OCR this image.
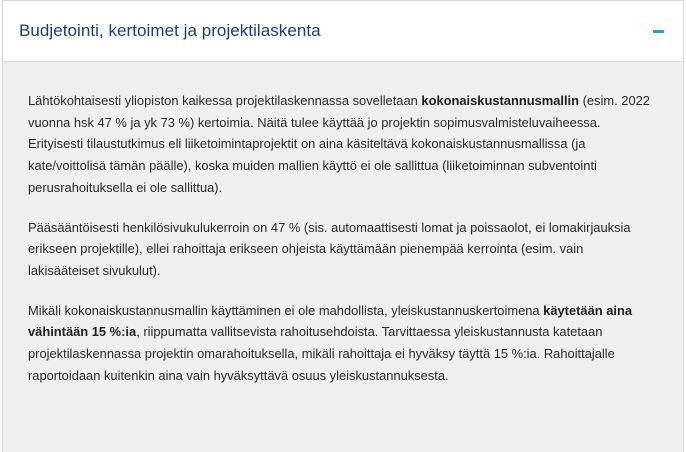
Budjetointi, kertoimet ja projektilaskenta

Lähtökohtaisesti yliopiston kaikessa projektilaskennassa sovelletaan kokonaiskustannusmallin (esim. 2022 vuonna hsk 47 % ja yk 73 %) kertoimia. Näitä tulee käyttää jo projektin sopimusvalmisteluvaiheessa. Erityisesti tilaustutkimus eli liiketoimintaprojektit on aina käsiteltävä kokonaiskustannusmallissa (ja kate/voittolisä tämän päälle), koska muiden mallien käyttö ei ole sallittua (liiketoiminnan subventointi perusrahoituksella ei ole sallittua).

Pääsääntöisesti henkilösivukulukerroin on 47 % (sis. automaattisesti lomat ja poissaolot, ei lomakirjauksia erikseen projektille), ellei rahoittaja erikseen ohjeista käyttämään pienempää kerrointa (esim. vain lakisääteiset sivukulut).

Mikäli kokonaiskustannusmallin käyttäminen ei ole mahdollista, yleiskustannuskertoimena käytetään aina vähintään 15 %:ia, riippumatta vallitsevista rahoitusehdoista. Tarvittaessa yleiskustannusta katetaan projektilaskennassa projektin omarahoituksella, mikäli rahoittaja ei hyväksy täyttä 15 %:ia. Rahoittajalle raportoidaan kuitenkin aina vain hyväksyttävä osuus yleiskustannuksesta.
